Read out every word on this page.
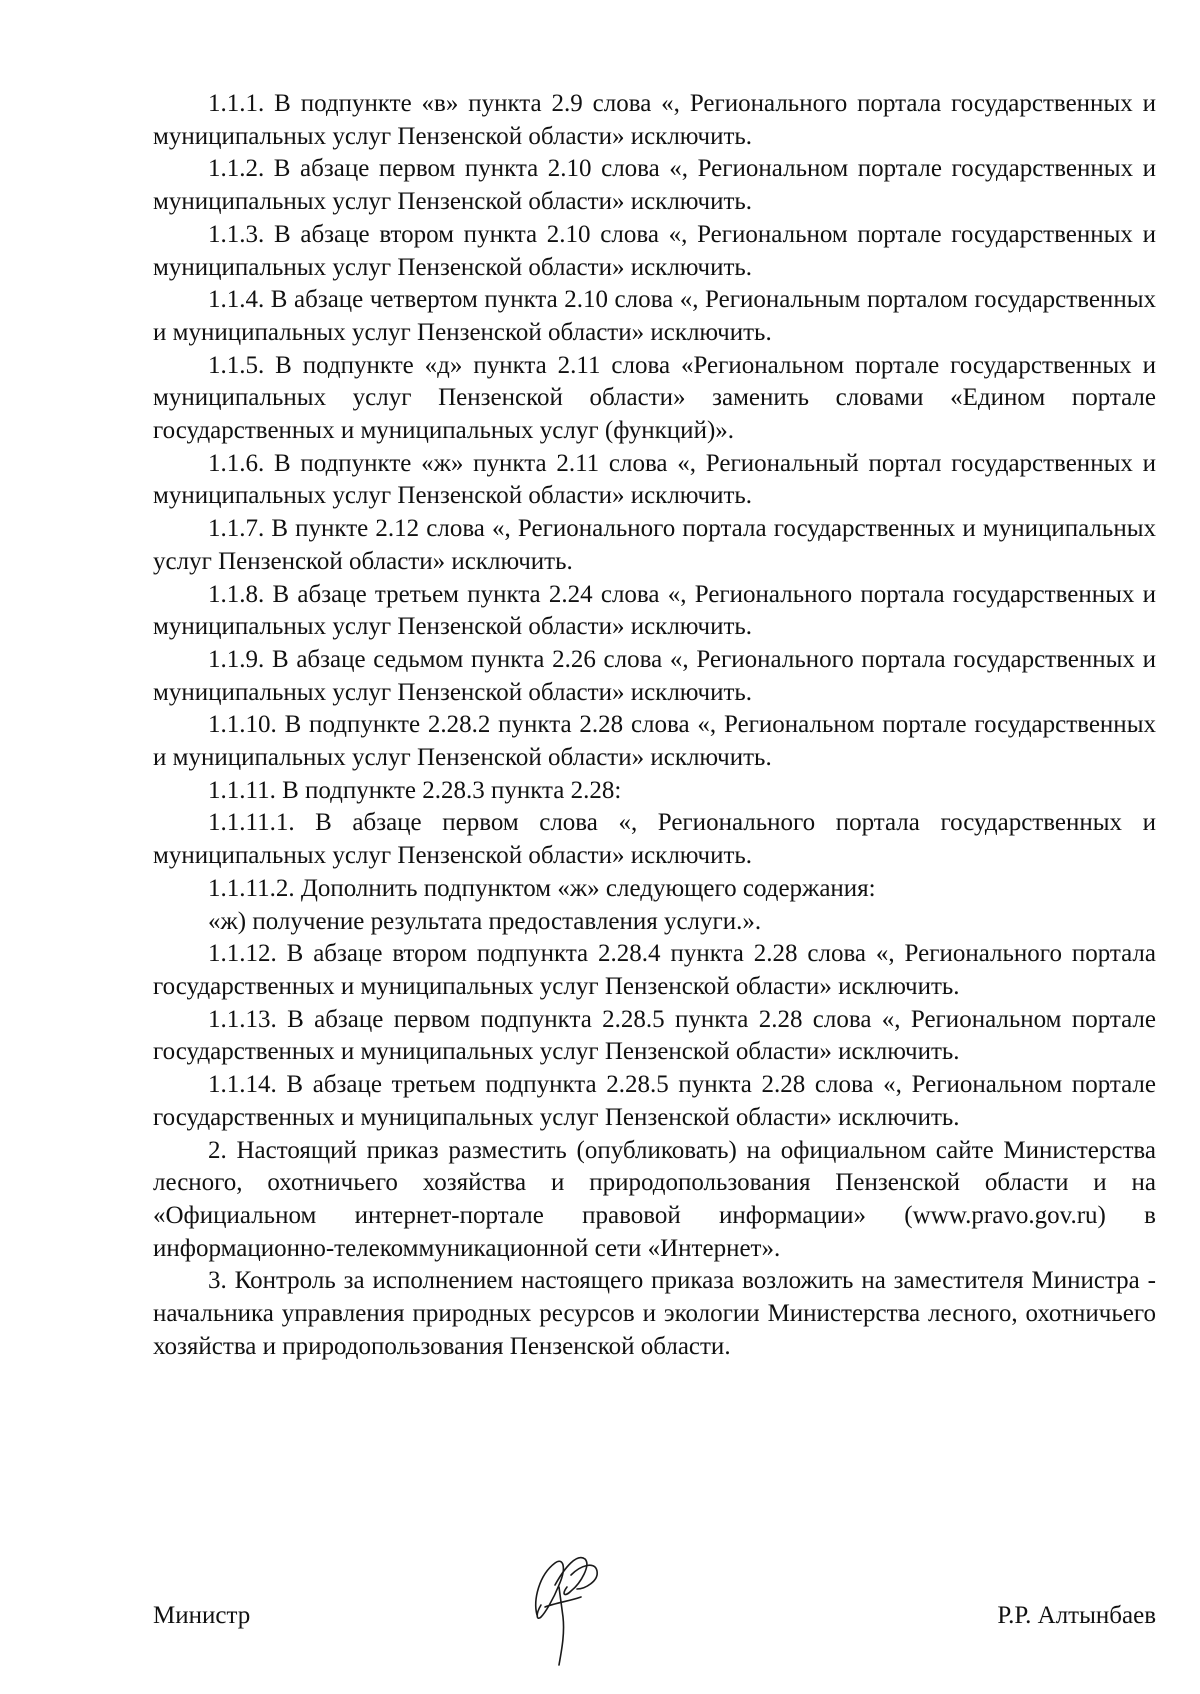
1.1.1. В подпункте «в» пункта 2.9 слова «, Регионального портала государственных и муниципальных услуг Пензенской области» исключить.

1.1.2. В абзаце первом пункта 2.10 слова «, Региональном портале государственных и муниципальных услуг Пензенской области» исключить.

1.1.3. В абзаце втором пункта 2.10 слова «, Региональном портале государственных и муниципальных услуг Пензенской области» исключить.

1.1.4. В абзаце четвертом пункта 2.10 слова «, Региональным порталом государственных и муниципальных услуг Пензенской области» исключить.

1.1.5. В подпункте «д» пункта 2.11 слова «Региональном портале государственных и муниципальных услуг Пензенской области» заменить словами «Едином портале государственных и муниципальных услуг (функций)».

1.1.6. В подпункте «ж» пункта 2.11 слова «, Региональный портал государственных и муниципальных услуг Пензенской области» исключить.

1.1.7. В пункте 2.12 слова «, Регионального портала государственных и муниципальных услуг Пензенской области» исключить.

1.1.8. В абзаце третьем пункта 2.24 слова «, Регионального портала государственных и муниципальных услуг Пензенской области» исключить.

1.1.9. В абзаце седьмом пункта 2.26 слова «, Регионального портала государственных и муниципальных услуг Пензенской области» исключить.

1.1.10. В подпункте 2.28.2 пункта 2.28 слова «, Региональном портале государственных и муниципальных услуг Пензенской области» исключить.

1.1.11. В подпункте 2.28.3 пункта 2.28:

1.1.11.1. В абзаце первом слова «, Регионального портала государственных и муниципальных услуг Пензенской области» исключить.

1.1.11.2. Дополнить подпунктом «ж» следующего содержания:

«ж) получение результата предоставления услуги.».

1.1.12. В абзаце втором подпункта 2.28.4 пункта 2.28 слова «, Регионального портала государственных и муниципальных услуг Пензенской области» исключить.

1.1.13. В абзаце первом подпункта 2.28.5 пункта 2.28 слова «, Региональном портале государственных и муниципальных услуг Пензенской области» исключить.

1.1.14. В абзаце третьем подпункта 2.28.5 пункта 2.28 слова «, Региональном портале государственных и муниципальных услуг Пензенской области» исключить.

2. Настоящий приказ разместить (опубликовать) на официальном сайте Министерства лесного, охотничьего хозяйства и природопользования Пензенской области и на «Официальном интернет-портале правовой информации» (www.pravo.gov.ru) в информационно-телекоммуникационной сети «Интернет».

3. Контроль за исполнением настоящего приказа возложить на заместителя Министра - начальника управления природных ресурсов и экологии Министерства лесного, охотничьего хозяйства и природопользования Пензенской области.

Министр	Р.Р. Алтынбаев
